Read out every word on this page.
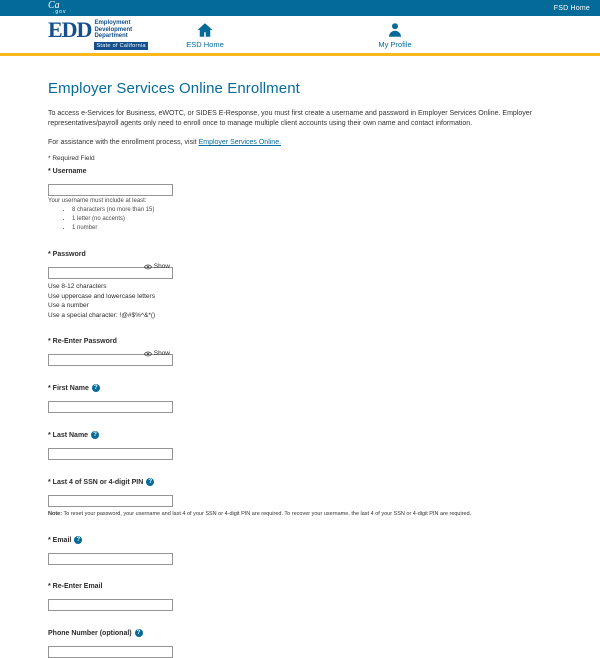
Ca
.gov
FSD Home
EDD Employment
Development
Department
State of California	ESD Home	My Profile
Employer Services Online Enrollment

To access e-Services for Business, eWOTC, or SIDES E-Response, you must first create a username and password in Employer Services Online. Employer representatives/payroll agents only need to enroll once to manage multiple client accounts using their own name and contact information.

For assistance with the enrollment process, visit Employer Services Online.

* Required Field
* Username
Your username must include at least:
• 8 characters (no more than 15)
• 1 letter (no accents)
• 1 number
* Password
Show
Use 8-12 characters
Use uppercase and lowercase letters
Use a number
Use a special character: !@#$%^&*()
* Re-Enter Password
Show
* First Name ?
* Last Name ?
* Last 4 of SSN or 4-digit PIN ?
Note: To reset your password, your username and last 4 of your SSN or 4-digit PIN are required. To recover your username, the last 4 of your SSN or 4-digit PIN are required.
* Email ?
* Re-Enter Email
Phone Number (optional) ?
